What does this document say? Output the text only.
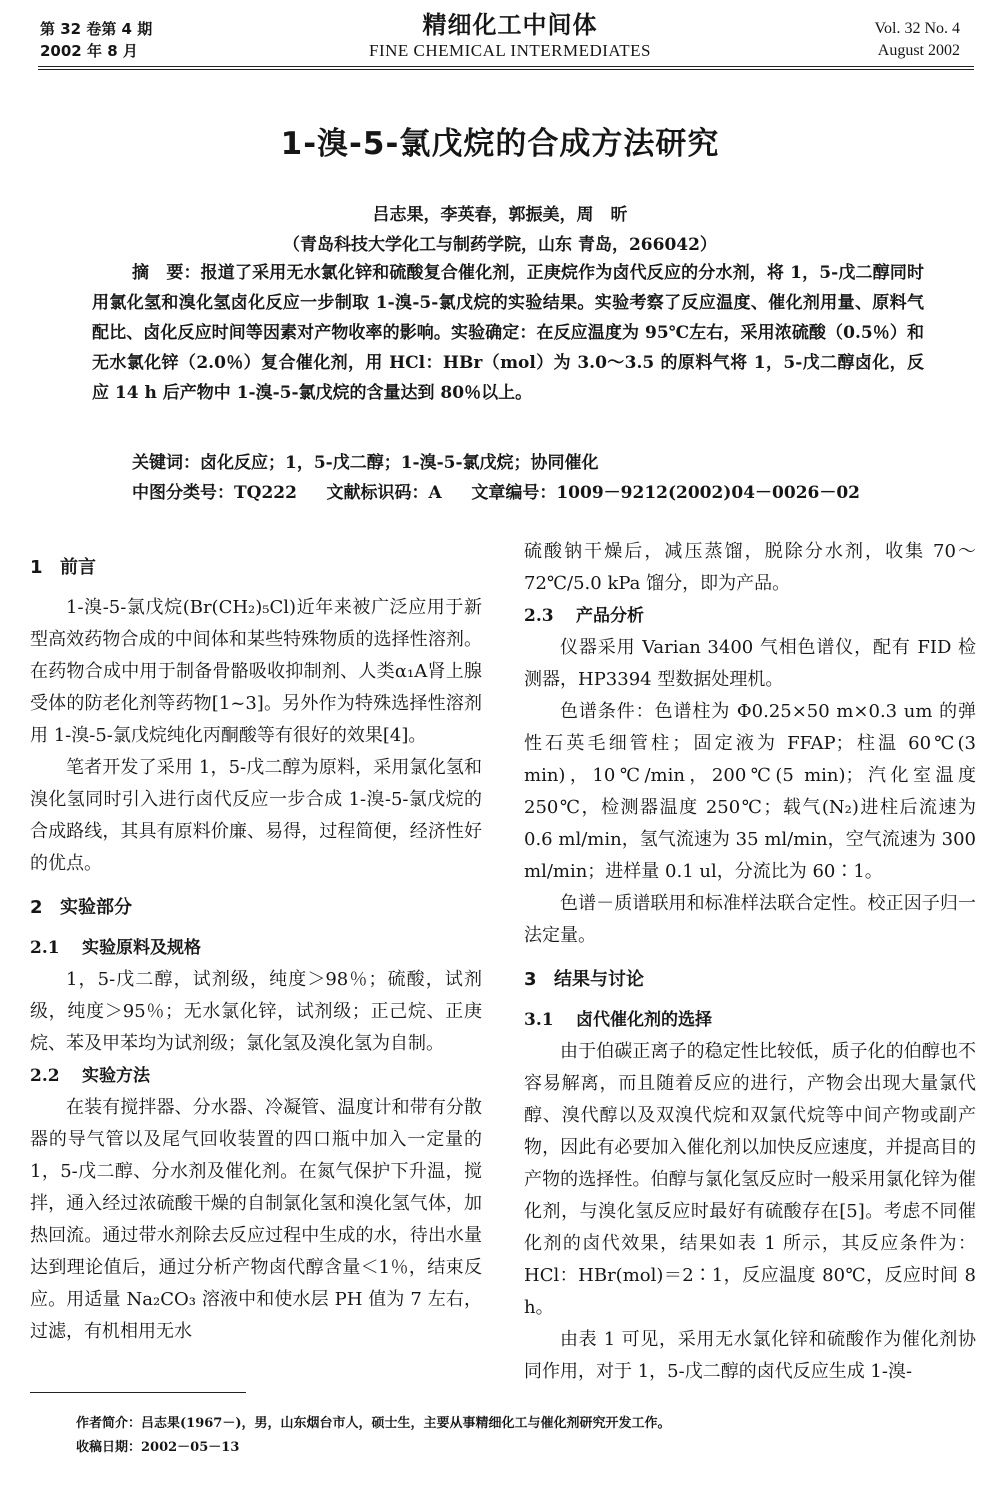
第 32 卷第 4 期
2002 年 8 月
精细化工中间体
FINE CHEMICAL INTERMEDIATES
Vol. 32 No. 4
August 2002
1-溴-5-氯戊烷的合成方法研究
吕志果，李英春，郭振美，周　昕
（青岛科技大学化工与制药学院，山东 青岛，266042）
摘　要：报道了采用无水氯化锌和硫酸复合催化剂，正庚烷作为卤代反应的分水剂，将 1，5-戊二醇同时用氯化氢和溴化氢卤化反应一步制取 1-溴-5-氯戊烷的实验结果。实验考察了反应温度、催化剂用量、原料气配比、卤化反应时间等因素对产物收率的影响。实验确定：在反应温度为 95℃左右，采用浓硫酸（0.5％）和无水氯化锌（2.0％）复合催化剂，用 HCl：HBr（mol）为 3.0～3.5 的原料气将 1，5-戊二醇卤化，反应 14 h 后产物中 1-溴-5-氯戊烷的含量达到 80％以上。
关键词：卤化反应；1，5-戊二醇；1-溴-5-氯戊烷；协同催化
中图分类号：TQ222 文献标识码：A 文章编号：1009－9212(2002)04－0026－02
1 前言

1-溴-5-氯戊烷(Br(CH₂)₅Cl)近年来被广泛应用于新型高效药物合成的中间体和某些特殊物质的选择性溶剂。在药物合成中用于制备骨骼吸收抑制剂、人类α₁A肾上腺受体的防老化剂等药物[1~3]。另外作为特殊选择性溶剂用 1-溴-5-氯戊烷纯化丙酮酸等有很好的效果[4]。

笔者开发了采用 1，5-戊二醇为原料，采用氯化氢和溴化氢同时引入进行卤代反应一步合成 1-溴-5-氯戊烷的合成路线，其具有原料价廉、易得，过程简便，经济性好的优点。

2 实验部分
2.1 实验原料及规格

1，5-戊二醇，试剂级，纯度＞98％；硫酸，试剂级，纯度＞95％；无水氯化锌，试剂级；正己烷、正庚烷、苯及甲苯均为试剂级；氯化氢及溴化氢为自制。

2.2 实验方法

在装有搅拌器、分水器、冷凝管、温度计和带有分散器的导气管以及尾气回收装置的四口瓶中加入一定量的 1，5-戊二醇、分水剂及催化剂。在氮气保护下升温，搅拌，通入经过浓硫酸干燥的自制氯化氢和溴化氢气体，加热回流。通过带水剂除去反应过程中生成的水，待出水量达到理论值后，通过分析产物卤代醇含量＜1％，结束反应。用适量 Na₂CO₃ 溶液中和使水层 PH 值为 7 左右，过滤，有机相用无水

硫酸钠干燥后，减压蒸馏，脱除分水剂，收集 70～72℃/5.0 kPa 馏分，即为产品。

2.3 产品分析

仪器采用 Varian 3400 气相色谱仪，配有 FID 检测器，HP3394 型数据处理机。

色谱条件：色谱柱为 Φ0.25×50 m×0.3 um 的弹性石英毛细管柱；固定液为 FFAP；柱温 60℃(3 min)，10℃/min，200℃(5 min)；汽化室温度 250℃，检测器温度 250℃；载气(N₂)进柱后流速为 0.6 ml/min，氢气流速为 35 ml/min，空气流速为 300 ml/min；进样量 0.1 ul，分流比为 60∶1。

色谱－质谱联用和标准样法联合定性。校正因子归一法定量。

3 结果与讨论
3.1 卤代催化剂的选择

由于伯碳正离子的稳定性比较低，质子化的伯醇也不容易解离，而且随着反应的进行，产物会出现大量氯代醇、溴代醇以及双溴代烷和双氯代烷等中间产物或副产物，因此有必要加入催化剂以加快反应速度，并提高目的产物的选择性。伯醇与氯化氢反应时一般采用氯化锌为催化剂，与溴化氢反应时最好有硫酸存在[5]。考虑不同催化剂的卤代效果，结果如表 1 所示，其反应条件为：HCl：HBr(mol)＝2∶1，反应温度 80℃，反应时间 8 h。

由表 1 可见，采用无水氯化锌和硫酸作为催化剂协同作用，对于 1，5-戊二醇的卤代反应生成 1-溴-

作者简介：吕志果(1967－)，男，山东烟台市人，硕士生，主要从事精细化工与催化剂研究开发工作。
收稿日期：2002－05－13
